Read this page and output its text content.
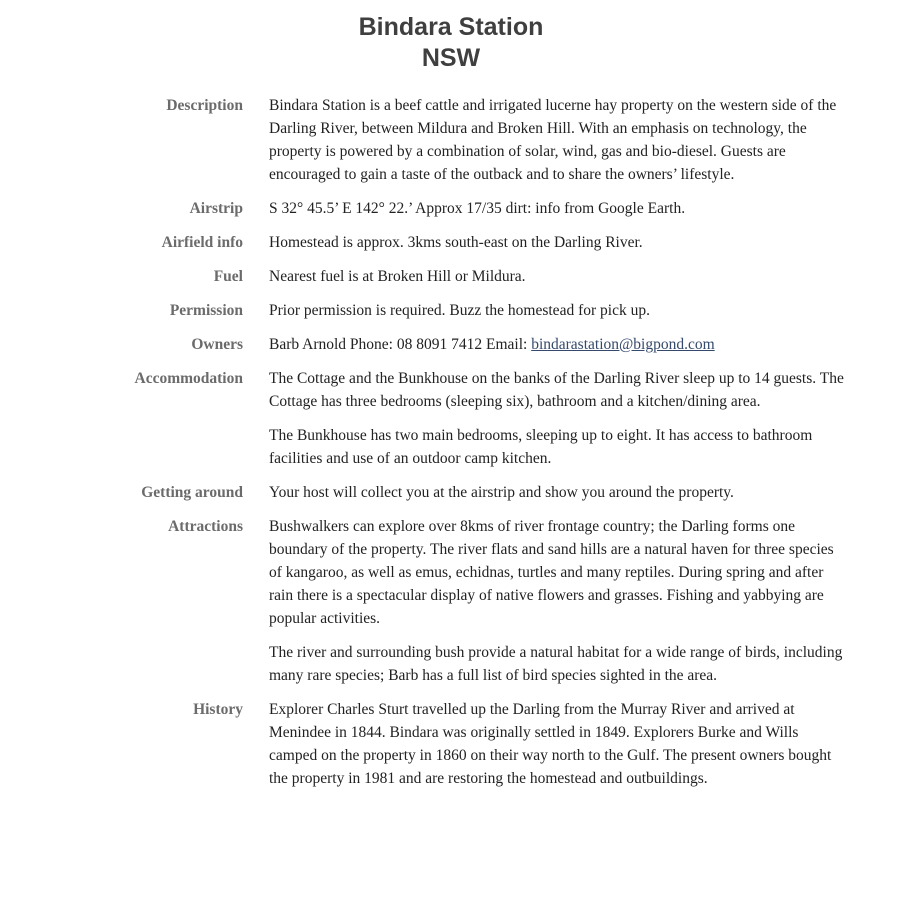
Bindara Station
NSW
Description	Bindara Station is a beef cattle and irrigated lucerne hay property on the western side of the Darling River, between Mildura and Broken Hill. With an emphasis on technology, the property is powered by a combination of solar, wind, gas and bio-diesel. Guests are encouraged to gain a taste of the outback and to share the owners’ lifestyle.

Airstrip	S 32° 45.5’ E 142° 22.’ Approx 17/35 dirt: info from Google Earth.

Airfield info	Homestead is approx. 3kms south-east on the Darling River.

Fuel	Nearest fuel is at Broken Hill or Mildura.

Permission	Prior permission is required. Buzz the homestead for pick up.

Owners	Barb Arnold Phone: 08 8091 7412 Email: bindarastation@bigpond.com

Accommodation	The Cottage and the Bunkhouse on the banks of the Darling River sleep up to 14 guests. The Cottage has three bedrooms (sleeping six), bathroom and a kitchen/dining area.

The Bunkhouse has two main bedrooms, sleeping up to eight. It has access to bathroom facilities and use of an outdoor camp kitchen.

Getting around	Your host will collect you at the airstrip and show you around the property.

Attractions	Bushwalkers can explore over 8kms of river frontage country; the Darling forms one boundary of the property. The river flats and sand hills are a natural haven for three species of kangaroo, as well as emus, echidnas, turtles and many reptiles. During spring and after rain there is a spectacular display of native flowers and grasses. Fishing and yabbying are popular activities.

The river and surrounding bush provide a natural habitat for a wide range of birds, including many rare species; Barb has a full list of bird species sighted in the area.

History	Explorer Charles Sturt travelled up the Darling from the Murray River and arrived at Menindee in 1844. Bindara was originally settled in 1849. Explorers Burke and Wills camped on the property in 1860 on their way north to the Gulf. The present owners bought the property in 1981 and are restoring the homestead and outbuildings.
